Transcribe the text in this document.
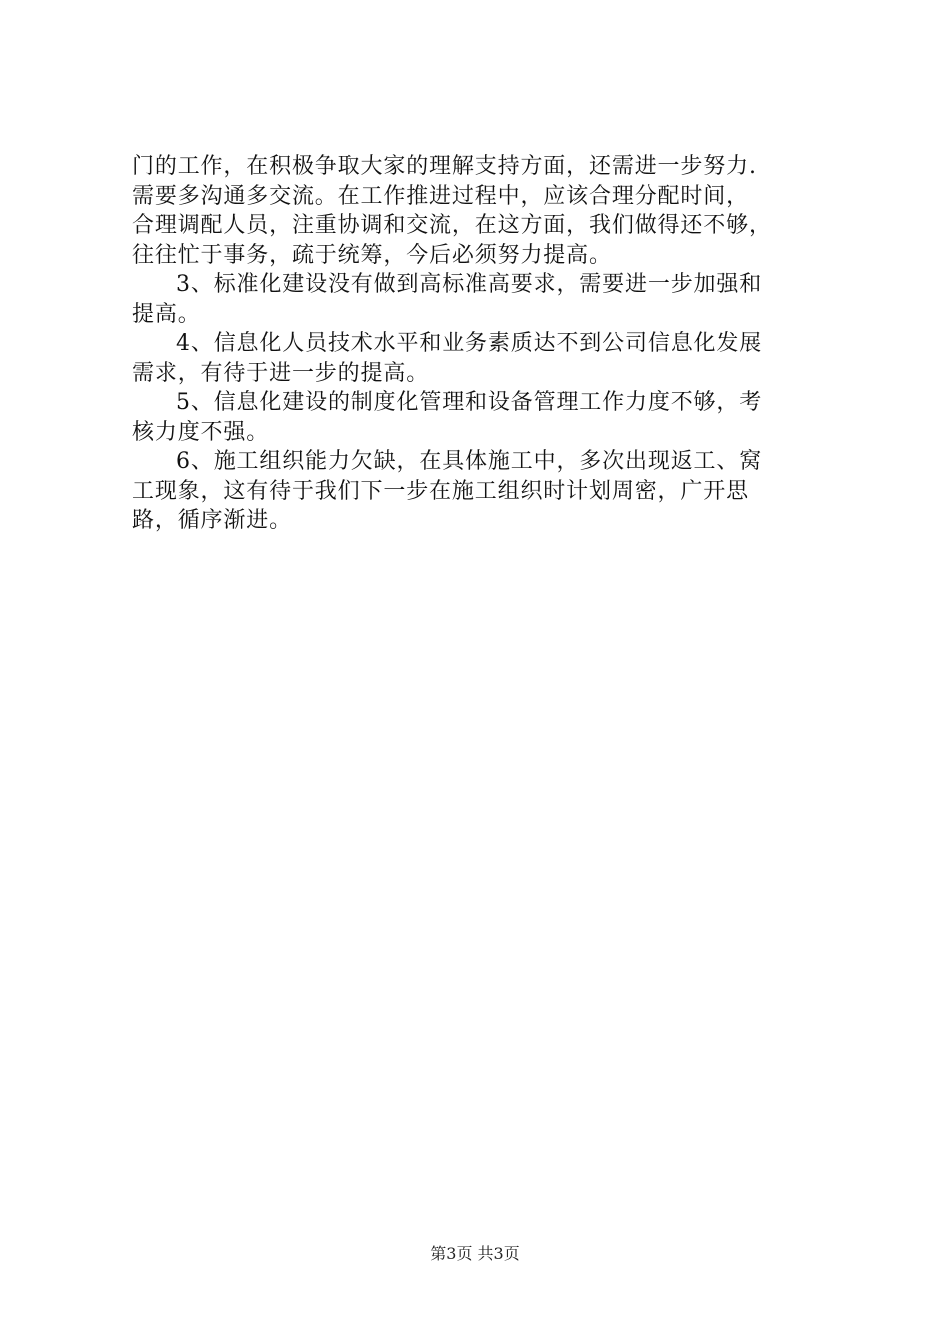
门的工作，在积极争取大家的理解支持方面，还需进一步努力.
需要多沟通多交流。在工作推进过程中，应该合理分配时间，
合理调配人员，注重协调和交流，在这方面，我们做得还不够，
往往忙于事务，疏于统筹，今后必须努力提高。
3、标准化建设没有做到高标准高要求，需要进一步加强和
提高。
4、信息化人员技术水平和业务素质达不到公司信息化发展
需求，有待于进一步的提高。
5、信息化建设的制度化管理和设备管理工作力度不够，考
核力度不强。
6、施工组织能力欠缺，在具体施工中，多次出现返工、窝
工现象，这有待于我们下一步在施工组织时计划周密，广开思
路，循序渐进。
第3页 共3页
